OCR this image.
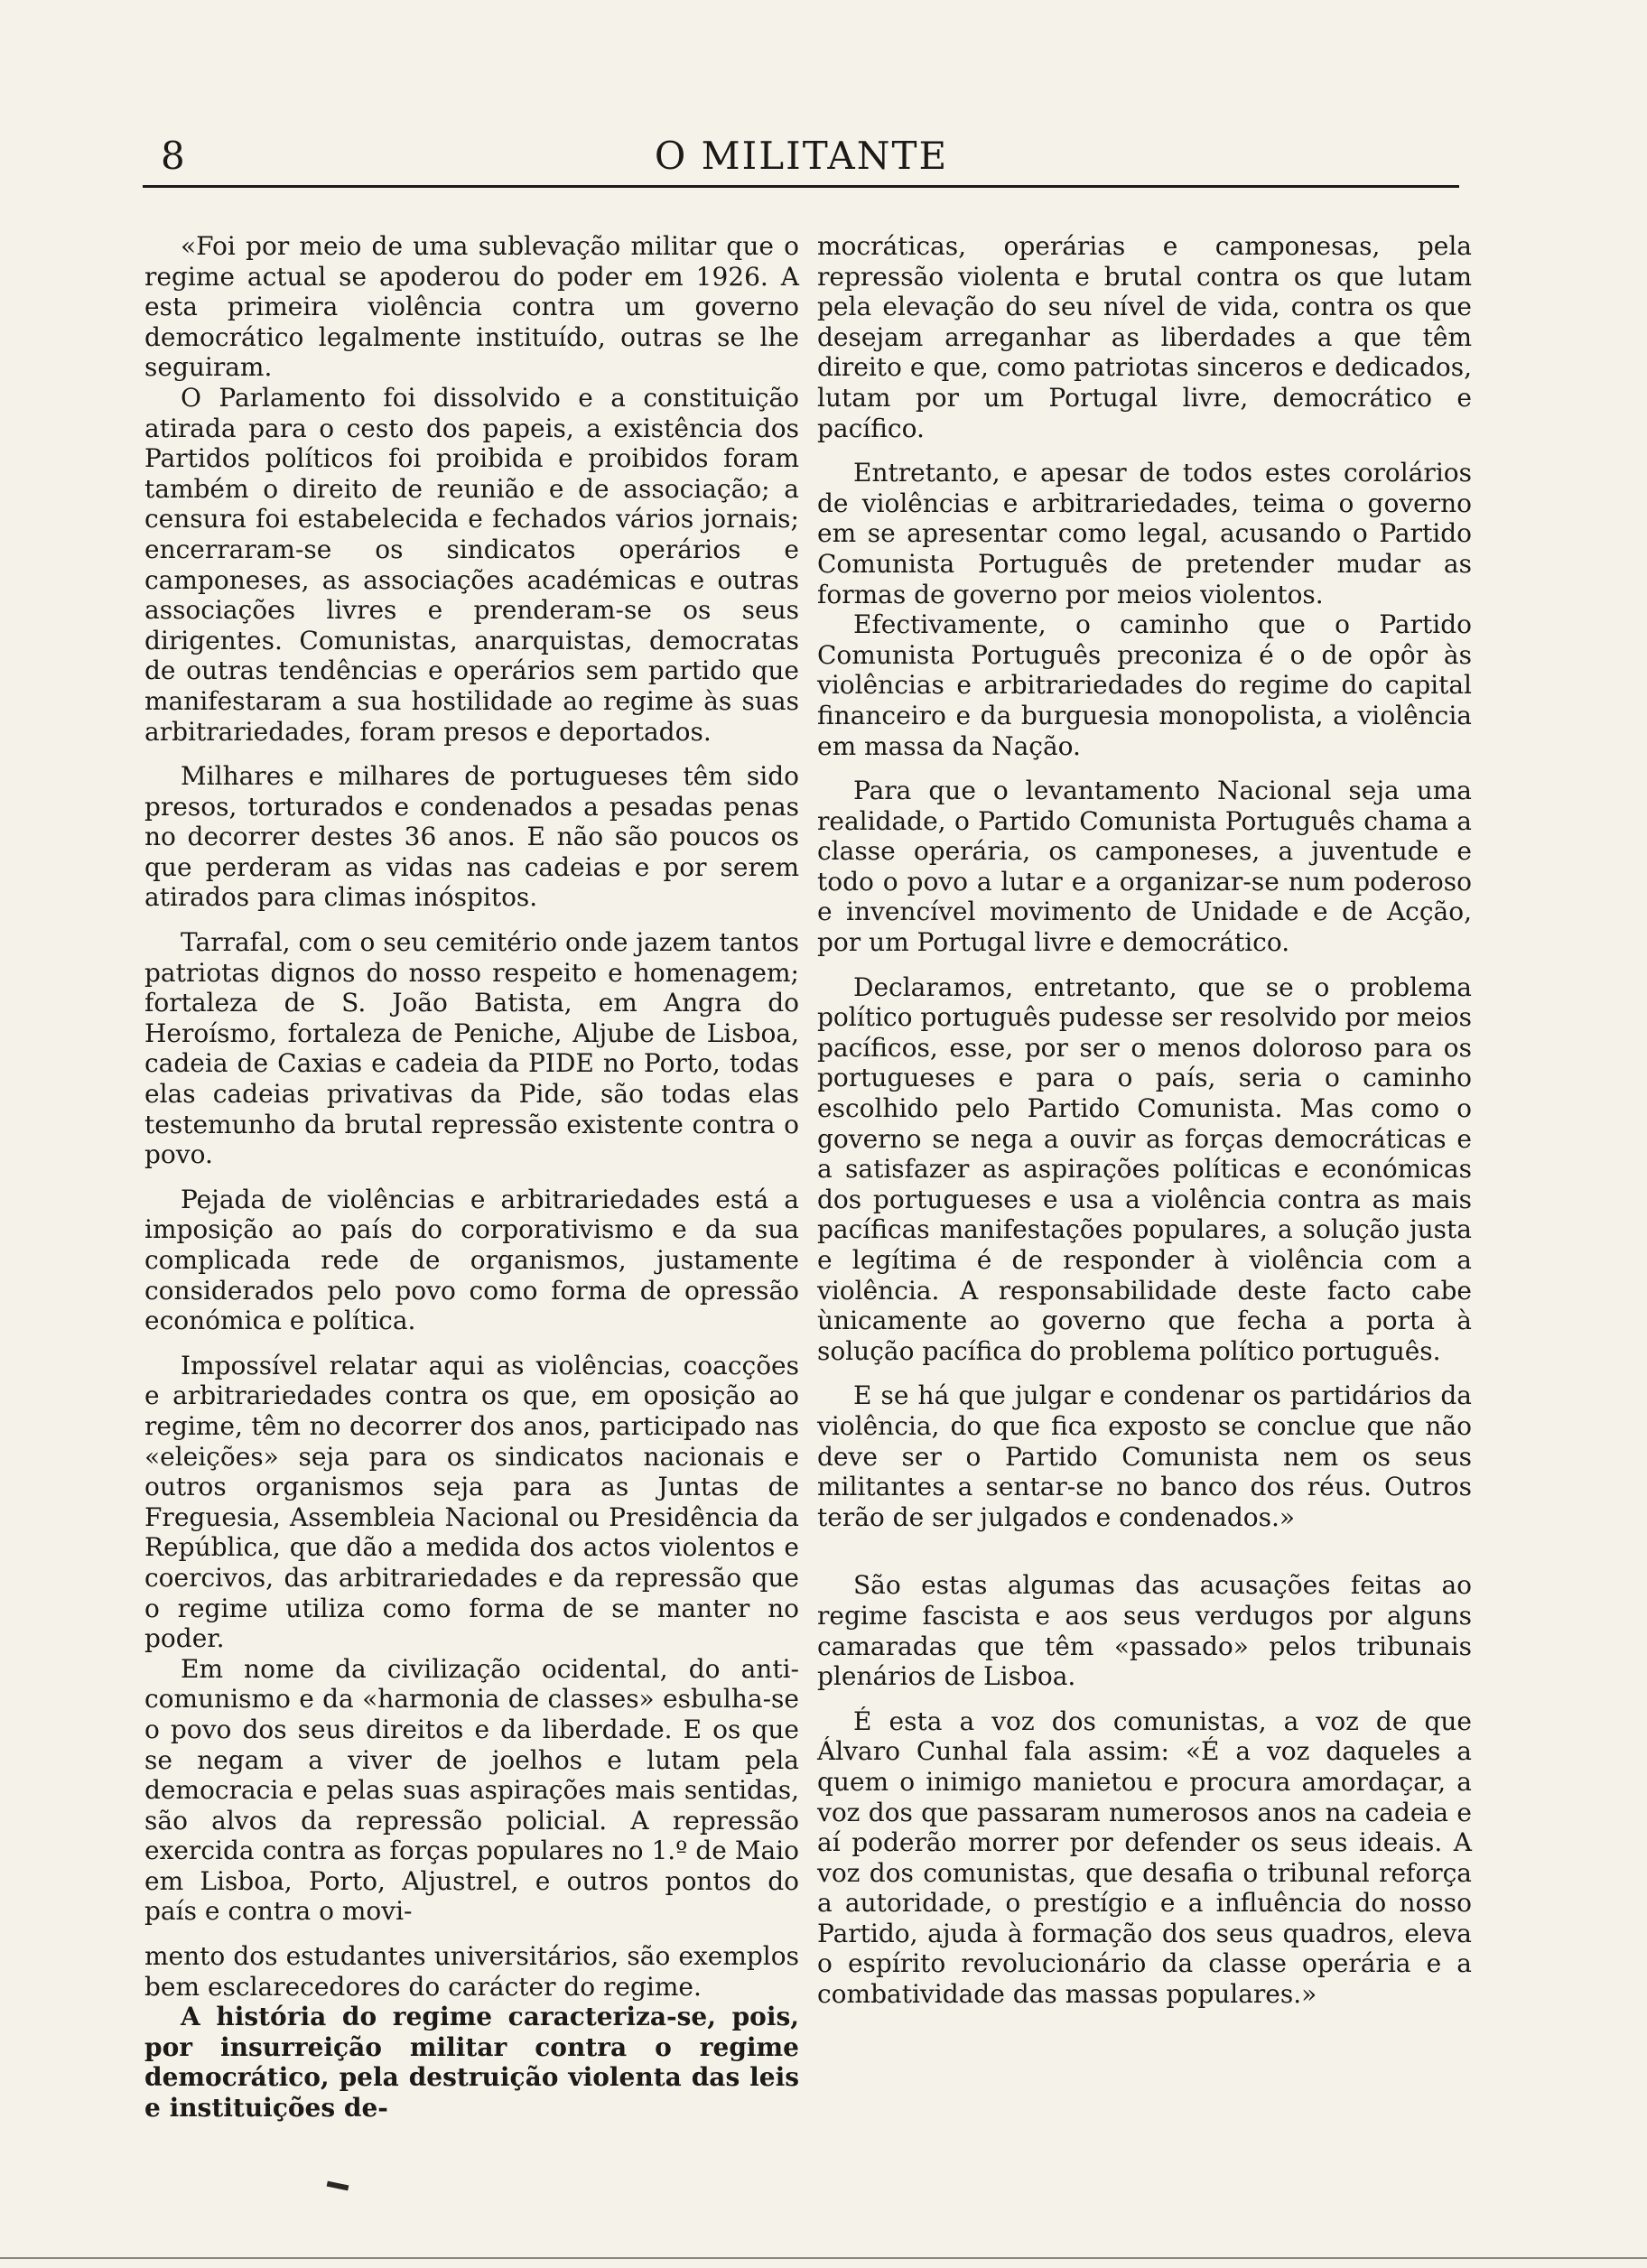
8	O MILITANTE

«Foi por meio de uma sublevação militar que o regime actual se apoderou do poder em 1926. A esta primeira violência contra um governo democrático legalmente instituído, outras se lhe seguiram.

O Parlamento foi dissolvido e a constituição atirada para o cesto dos papeis, a existência dos Partidos políticos foi proibida e proibidos foram também o direito de reunião e de associação; a censura foi estabelecida e fechados vários jornais; encerraram-se os sindicatos operários e camponeses, as associações académicas e outras associações livres e prenderam-se os seus dirigentes. Comunistas, anarquistas, democratas de outras tendências e operários sem partido que manifestaram a sua hostilidade ao regime às suas arbitrariedades, foram presos e deportados.

Milhares e milhares de portugueses têm sido presos, torturados e condenados a pesadas penas no decorrer destes 36 anos. E não são poucos os que perderam as vidas nas cadeias e por serem atirados para climas inóspitos.

Tarrafal, com o seu cemitério onde jazem tantos patriotas dignos do nosso respeito e homenagem; fortaleza de S. João Batista, em Angra do Heroísmo, fortaleza de Peniche, Aljube de Lisboa, cadeia de Caxias e cadeia da PIDE no Porto, todas elas cadeias privativas da Pide, são todas elas testemunho da brutal repressão existente contra o povo.

Pejada de violências e arbitrariedades está a imposição ao país do corporativismo e da sua complicada rede de organismos, justamente considerados pelo povo como forma de opressão económica e política.

Impossível relatar aqui as violências, coacções e arbitrariedades contra os que, em oposição ao regime, têm no decorrer dos anos, participado nas «eleições» seja para os sindicatos nacionais e outros organismos seja para as Juntas de Freguesia, Assembleia Nacional ou Presidência da República, que dão a medida dos actos violentos e coercivos, das arbitrariedades e da repressão que o regime utiliza como forma de se manter no poder.

Em nome da civilização ocidental, do anti-comunismo e da «harmonia de classes» esbulha-se o povo dos seus direitos e da liberdade. E os que se negam a viver de joelhos e lutam pela democracia e pelas suas aspirações mais sentidas, são alvos da repressão policial. A repressão exercida contra as forças populares no 1.º de Maio em Lisboa, Porto, Aljustrel, e outros pontos do país e contra o movi-

mento dos estudantes universitários, são exemplos bem esclarecedores do carácter do regime.

A história do regime caracteriza-se, pois, por insurreição militar contra o regime democrático, pela destruição violenta das leis e instituições de-

mocráticas, operárias e camponesas, pela repressão violenta e brutal contra os que lutam pela elevação do seu nível de vida, contra os que desejam arreganhar as liberdades a que têm direito e que, como patriotas sinceros e dedicados, lutam por um Portugal livre, democrático e pacífico.

Entretanto, e apesar de todos estes corolários de violências e arbitrariedades, teima o governo em se apresentar como legal, acusando o Partido Comunista Português de pretender mudar as formas de governo por meios violentos.

Efectivamente, o caminho que o Partido Comunista Português preconiza é o de opôr às violências e arbitrariedades do regime do capital financeiro e da burguesia monopolista, a violência em massa da Nação.

Para que o levantamento Nacional seja uma realidade, o Partido Comunista Português chama a classe operária, os camponeses, a juventude e todo o povo a lutar e a organizar-se num poderoso e invencível movimento de Unidade e de Acção, por um Portugal livre e democrático.

Declaramos, entretanto, que se o problema político português pudesse ser resolvido por meios pacíficos, esse, por ser o menos doloroso para os portugueses e para o país, seria o caminho escolhido pelo Partido Comunista. Mas como o governo se nega a ouvir as forças democráticas e a satisfazer as aspirações políticas e económicas dos portugueses e usa a violência contra as mais pacíficas manifestações populares, a solução justa e legítima é de responder à violência com a violência. A responsabilidade deste facto cabe ùnicamente ao governo que fecha a porta à solução pacífica do problema político português.

E se há que julgar e condenar os partidários da violência, do que fica exposto se conclue que não deve ser o Partido Comunista nem os seus militantes a sentar-se no banco dos réus. Outros terão de ser julgados e condenados.»

São estas algumas das acusações feitas ao regime fascista e aos seus verdugos por alguns camaradas que têm «passado» pelos tribunais plenários de Lisboa.

É esta a voz dos comunistas, a voz de que Álvaro Cunhal fala assim: «É a voz daqueles a quem o inimigo manietou e procura amordaçar, a voz dos que passaram numerosos anos na cadeia e aí poderão morrer por defender os seus ideais. A voz dos comunistas, que desafia o tribunal reforça a autoridade, o prestígio e a influência do nosso Partido, ajuda à formação dos seus quadros, eleva o espírito revolucionário da classe operária e a combatividade das massas populares.»
